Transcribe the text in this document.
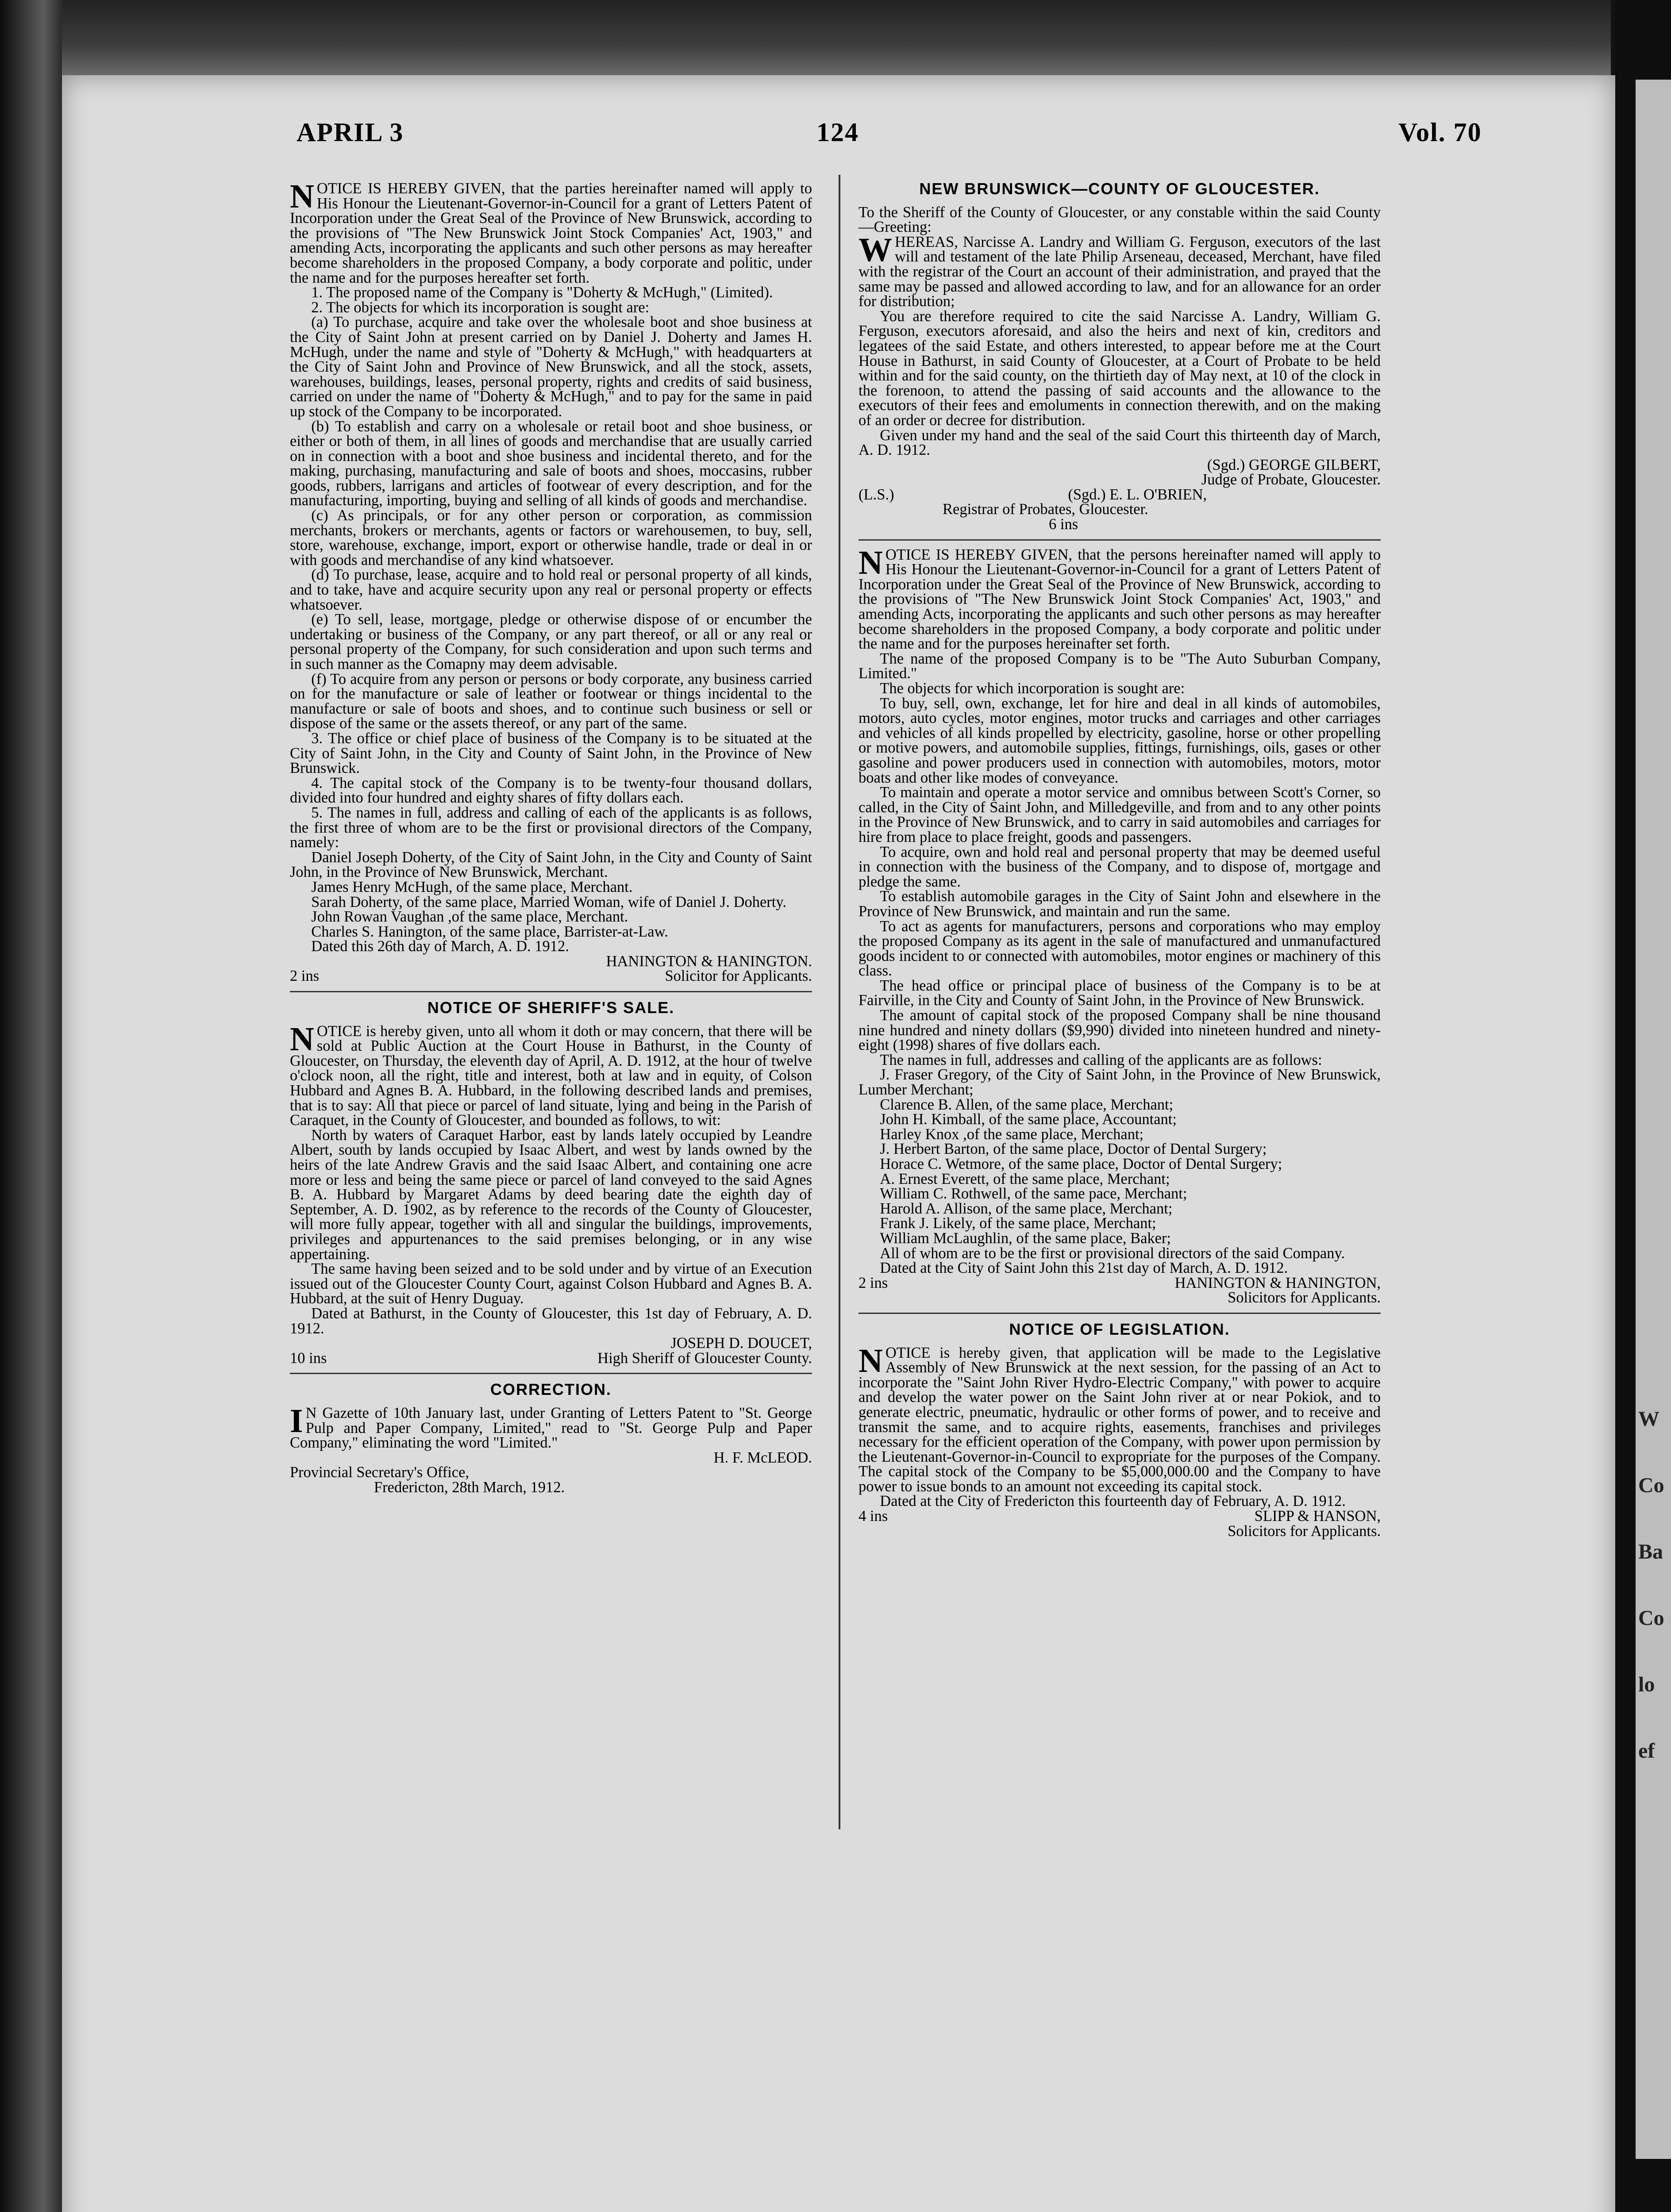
APRIL 3	124	Vol. 70

NOTICE IS HEREBY GIVEN, that the parties hereinafter named will apply to His Honour the Lieutenant-Governor-in-Council for a grant of Letters Patent of Incorporation under the Great Seal of the Province of New Brunswick, according to the provisions of "The New Brunswick Joint Stock Companies' Act, 1903," and amending Acts, incorporating the applicants and such other persons as may hereafter become shareholders in the proposed Company, a body corporate and politic, under the name and for the purposes hereafter set forth.

1. The proposed name of the Company is "Doherty & McHugh," (Limited).

2. The objects for which its incorporation is sought are:

(a) To purchase, acquire and take over the wholesale boot and shoe business at the City of Saint John at present carried on by Daniel J. Doherty and James H. McHugh, under the name and style of "Doherty & McHugh," with headquarters at the City of Saint John and Province of New Brunswick, and all the stock, assets, warehouses, buildings, leases, personal property, rights and credits of said business, carried on under the name of "Doherty & McHugh," and to pay for the same in paid up stock of the Company to be incorporated.

(b) To establish and carry on a wholesale or retail boot and shoe business, or either or both of them, in all lines of goods and merchandise that are usually carried on in connection with a boot and shoe business and incidental thereto, and for the making, purchasing, manufacturing and sale of boots and shoes, moccasins, rubber goods, rubbers, larrigans and articles of footwear of every description, and for the manufacturing, importing, buying and selling of all kinds of goods and merchandise.

(c) As principals, or for any other person or corporation, as commission merchants, brokers or merchants, agents or factors or warehousemen, to buy, sell, store, warehouse, exchange, import, export or otherwise handle, trade or deal in or with goods and merchandise of any kind whatsoever.

(d) To purchase, lease, acquire and to hold real or personal property of all kinds, and to take, have and acquire security upon any real or personal property or effects whatsoever.

(e) To sell, lease, mortgage, pledge or otherwise dispose of or encumber the undertaking or business of the Company, or any part thereof, or all or any real or personal property of the Company, for such consideration and upon such terms and in such manner as the Comapny may deem advisable.

(f) To acquire from any person or persons or body corporate, any business carried on for the manufacture or sale of leather or footwear or things incidental to the manufacture or sale of boots and shoes, and to continue such business or sell or dispose of the same or the assets thereof, or any part of the same.

3. The office or chief place of business of the Company is to be situated at the City of Saint John, in the City and County of Saint John, in the Province of New Brunswick.

4. The capital stock of the Company is to be twenty-four thousand dollars, divided into four hundred and eighty shares of fifty dollars each.

5. The names in full, address and calling of each of the applicants is as follows, the first three of whom are to be the first or provisional directors of the Company, namely:

Daniel Joseph Doherty, of the City of Saint John, in the City and County of Saint John, in the Province of New Brunswick, Merchant.

James Henry McHugh, of the same place, Merchant.

Sarah Doherty, of the same place, Married Woman, wife of Daniel J. Doherty.

John Rowan Vaughan ,of the same place, Merchant.

Charles S. Hanington, of the same place, Barrister-at-Law.

Dated this 26th day of March, A. D. 1912.

HANINGTON & HANINGTON.

2 ins	Solicitor for Applicants.
NOTICE OF SHERIFF'S SALE.

NOTICE is hereby given, unto all whom it doth or may concern, that there will be sold at Public Auction at the Court House in Bathurst, in the County of Gloucester, on Thursday, the eleventh day of April, A. D. 1912, at the hour of twelve o'clock noon, all the right, title and interest, both at law and in equity, of Colson Hubbard and Agnes B. A. Hubbard, in the following described lands and premises, that is to say: All that piece or parcel of land situate, lying and being in the Parish of Caraquet, in the County of Gloucester, and bounded as follows, to wit:

North by waters of Caraquet Harbor, east by lands lately occupied by Leandre Albert, south by lands occupied by Isaac Albert, and west by lands owned by the heirs of the late Andrew Gravis and the said Isaac Albert, and containing one acre more or less and being the same piece or parcel of land conveyed to the said Agnes B. A. Hubbard by Margaret Adams by deed bearing date the eighth day of September, A. D. 1902, as by reference to the records of the County of Gloucester, will more fully appear, together with all and singular the buildings, improvements, privileges and appurtenances to the said premises belonging, or in any wise appertaining.

The same having been seized and to be sold under and by virtue of an Execution issued out of the Gloucester County Court, against Colson Hubbard and Agnes B. A. Hubbard, at the suit of Henry Duguay.

Dated at Bathurst, in the County of Gloucester, this 1st day of February, A. D. 1912.

JOSEPH D. DOUCET,

10 ins	High Sheriff of Gloucester County.
CORRECTION.

IN Gazette of 10th January last, under Granting of Letters Patent to "St. George Pulp and Paper Company, Limited," read to "St. George Pulp and Paper Company," eliminating the word "Limited."

H. F. McLEOD.

Provincial Secretary's Office,

Fredericton, 28th March, 1912.

NEW BRUNSWICK—COUNTY OF GLOUCESTER.

To the Sheriff of the County of Gloucester, or any constable within the said County—Greeting:

WHEREAS, Narcisse A. Landry and William G. Ferguson, executors of the last will and testament of the late Philip Arseneau, deceased, Merchant, have filed with the registrar of the Court an account of their administration, and prayed that the same may be passed and allowed according to law, and for an allowance for an order for distribution;

You are therefore required to cite the said Narcisse A. Landry, William G. Ferguson, executors aforesaid, and also the heirs and next of kin, creditors and legatees of the said Estate, and others interested, to appear before me at the Court House in Bathurst, in said County of Gloucester, at a Court of Probate to be held within and for the said county, on the thirtieth day of May next, at 10 of the clock in the forenoon, to attend the passing of said accounts and the allowance to the executors of their fees and emoluments in connection therewith, and on the making of an order or decree for distribution.

Given under my hand and the seal of the said Court this thirteenth day of March, A. D. 1912.

(Sgd.) GEORGE GILBERT,

Judge of Probate, Gloucester.

(L.S.)	(Sgd.) E. L. O'BRIEN,

Registrar of Probates, Gloucester.

6 ins

NOTICE IS HEREBY GIVEN, that the persons hereinafter named will apply to His Honour the Lieutenant-Governor-in-Council for a grant of Letters Patent of Incorporation under the Great Seal of the Province of New Brunswick, according to the provisions of "The New Brunswick Joint Stock Companies' Act, 1903," and amending Acts, incorporating the applicants and such other persons as may hereafter become shareholders in the proposed Company, a body corporate and politic under the name and for the purposes hereinafter set forth.

The name of the proposed Company is to be "The Auto Suburban Company, Limited."

The objects for which incorporation is sought are:

To buy, sell, own, exchange, let for hire and deal in all kinds of automobiles, motors, auto cycles, motor engines, motor trucks and carriages and other carriages and vehicles of all kinds propelled by electricity, gasoline, horse or other propelling or motive powers, and automobile supplies, fittings, furnishings, oils, gases or other gasoline and power producers used in connection with automobiles, motors, motor boats and other like modes of conveyance.

To maintain and operate a motor service and omnibus between Scott's Corner, so called, in the City of Saint John, and Milledgeville, and from and to any other points in the Province of New Brunswick, and to carry in said automobiles and carriages for hire from place to place freight, goods and passengers.

To acquire, own and hold real and personal property that may be deemed useful in connection with the business of the Company, and to dispose of, mortgage and pledge the same.

To establish automobile garages in the City of Saint John and elsewhere in the Province of New Brunswick, and maintain and run the same.

To act as agents for manufacturers, persons and corporations who may employ the proposed Company as its agent in the sale of manufactured and unmanufactured goods incident to or connected with automobiles, motor engines or machinery of this class.

The head office or principal place of business of the Company is to be at Fairville, in the City and County of Saint John, in the Province of New Brunswick.

The amount of capital stock of the proposed Company shall be nine thousand nine hundred and ninety dollars ($9,990) divided into nineteen hundred and ninety-eight (1998) shares of five dollars each.

The names in full, addresses and calling of the applicants are as follows:

J. Fraser Gregory, of the City of Saint John, in the Province of New Brunswick, Lumber Merchant;

Clarence B. Allen, of the same place, Merchant;

John H. Kimball, of the same place, Accountant;

Harley Knox ,of the same place, Merchant;

J. Herbert Barton, of the same place, Doctor of Dental Surgery;

Horace C. Wetmore, of the same place, Doctor of Dental Surgery;

A. Ernest Everett, of the same place, Merchant;

William C. Rothwell, of the same pace, Merchant;

Harold A. Allison, of the same place, Merchant;

Frank J. Likely, of the same place, Merchant;

William McLaughlin, of the same place, Baker;

All of whom are to be the first or provisional directors of the said Company.

Dated at the City of Saint John this 21st day of March, A. D. 1912.

2 ins	HANINGTON & HANINGTON,

Solicitors for Applicants.

NOTICE OF LEGISLATION.

NOTICE is hereby given, that application will be made to the Legislative Assembly of New Brunswick at the next session, for the passing of an Act to incorporate the "Saint John River Hydro-Electric Company," with power to acquire and develop the water power on the Saint John river at or near Pokiok, and to generate electric, pneumatic, hydraulic or other forms of power, and to receive and transmit the same, and to acquire rights, easements, franchises and privileges necessary for the efficient operation of the Company, with power upon permission by the Lieutenant-Governor-in-Council to expropriate for the purposes of the Company. The capital stock of the Company to be $5,000,000.00 and the Company to have power to issue bonds to an amount not exceeding its capital stock.

Dated at the City of Fredericton this fourteenth day of February, A. D. 1912.

4 ins	SLIPP & HANSON,

Solicitors for Applicants.

W
Co
Ba
Co
lo
ef
